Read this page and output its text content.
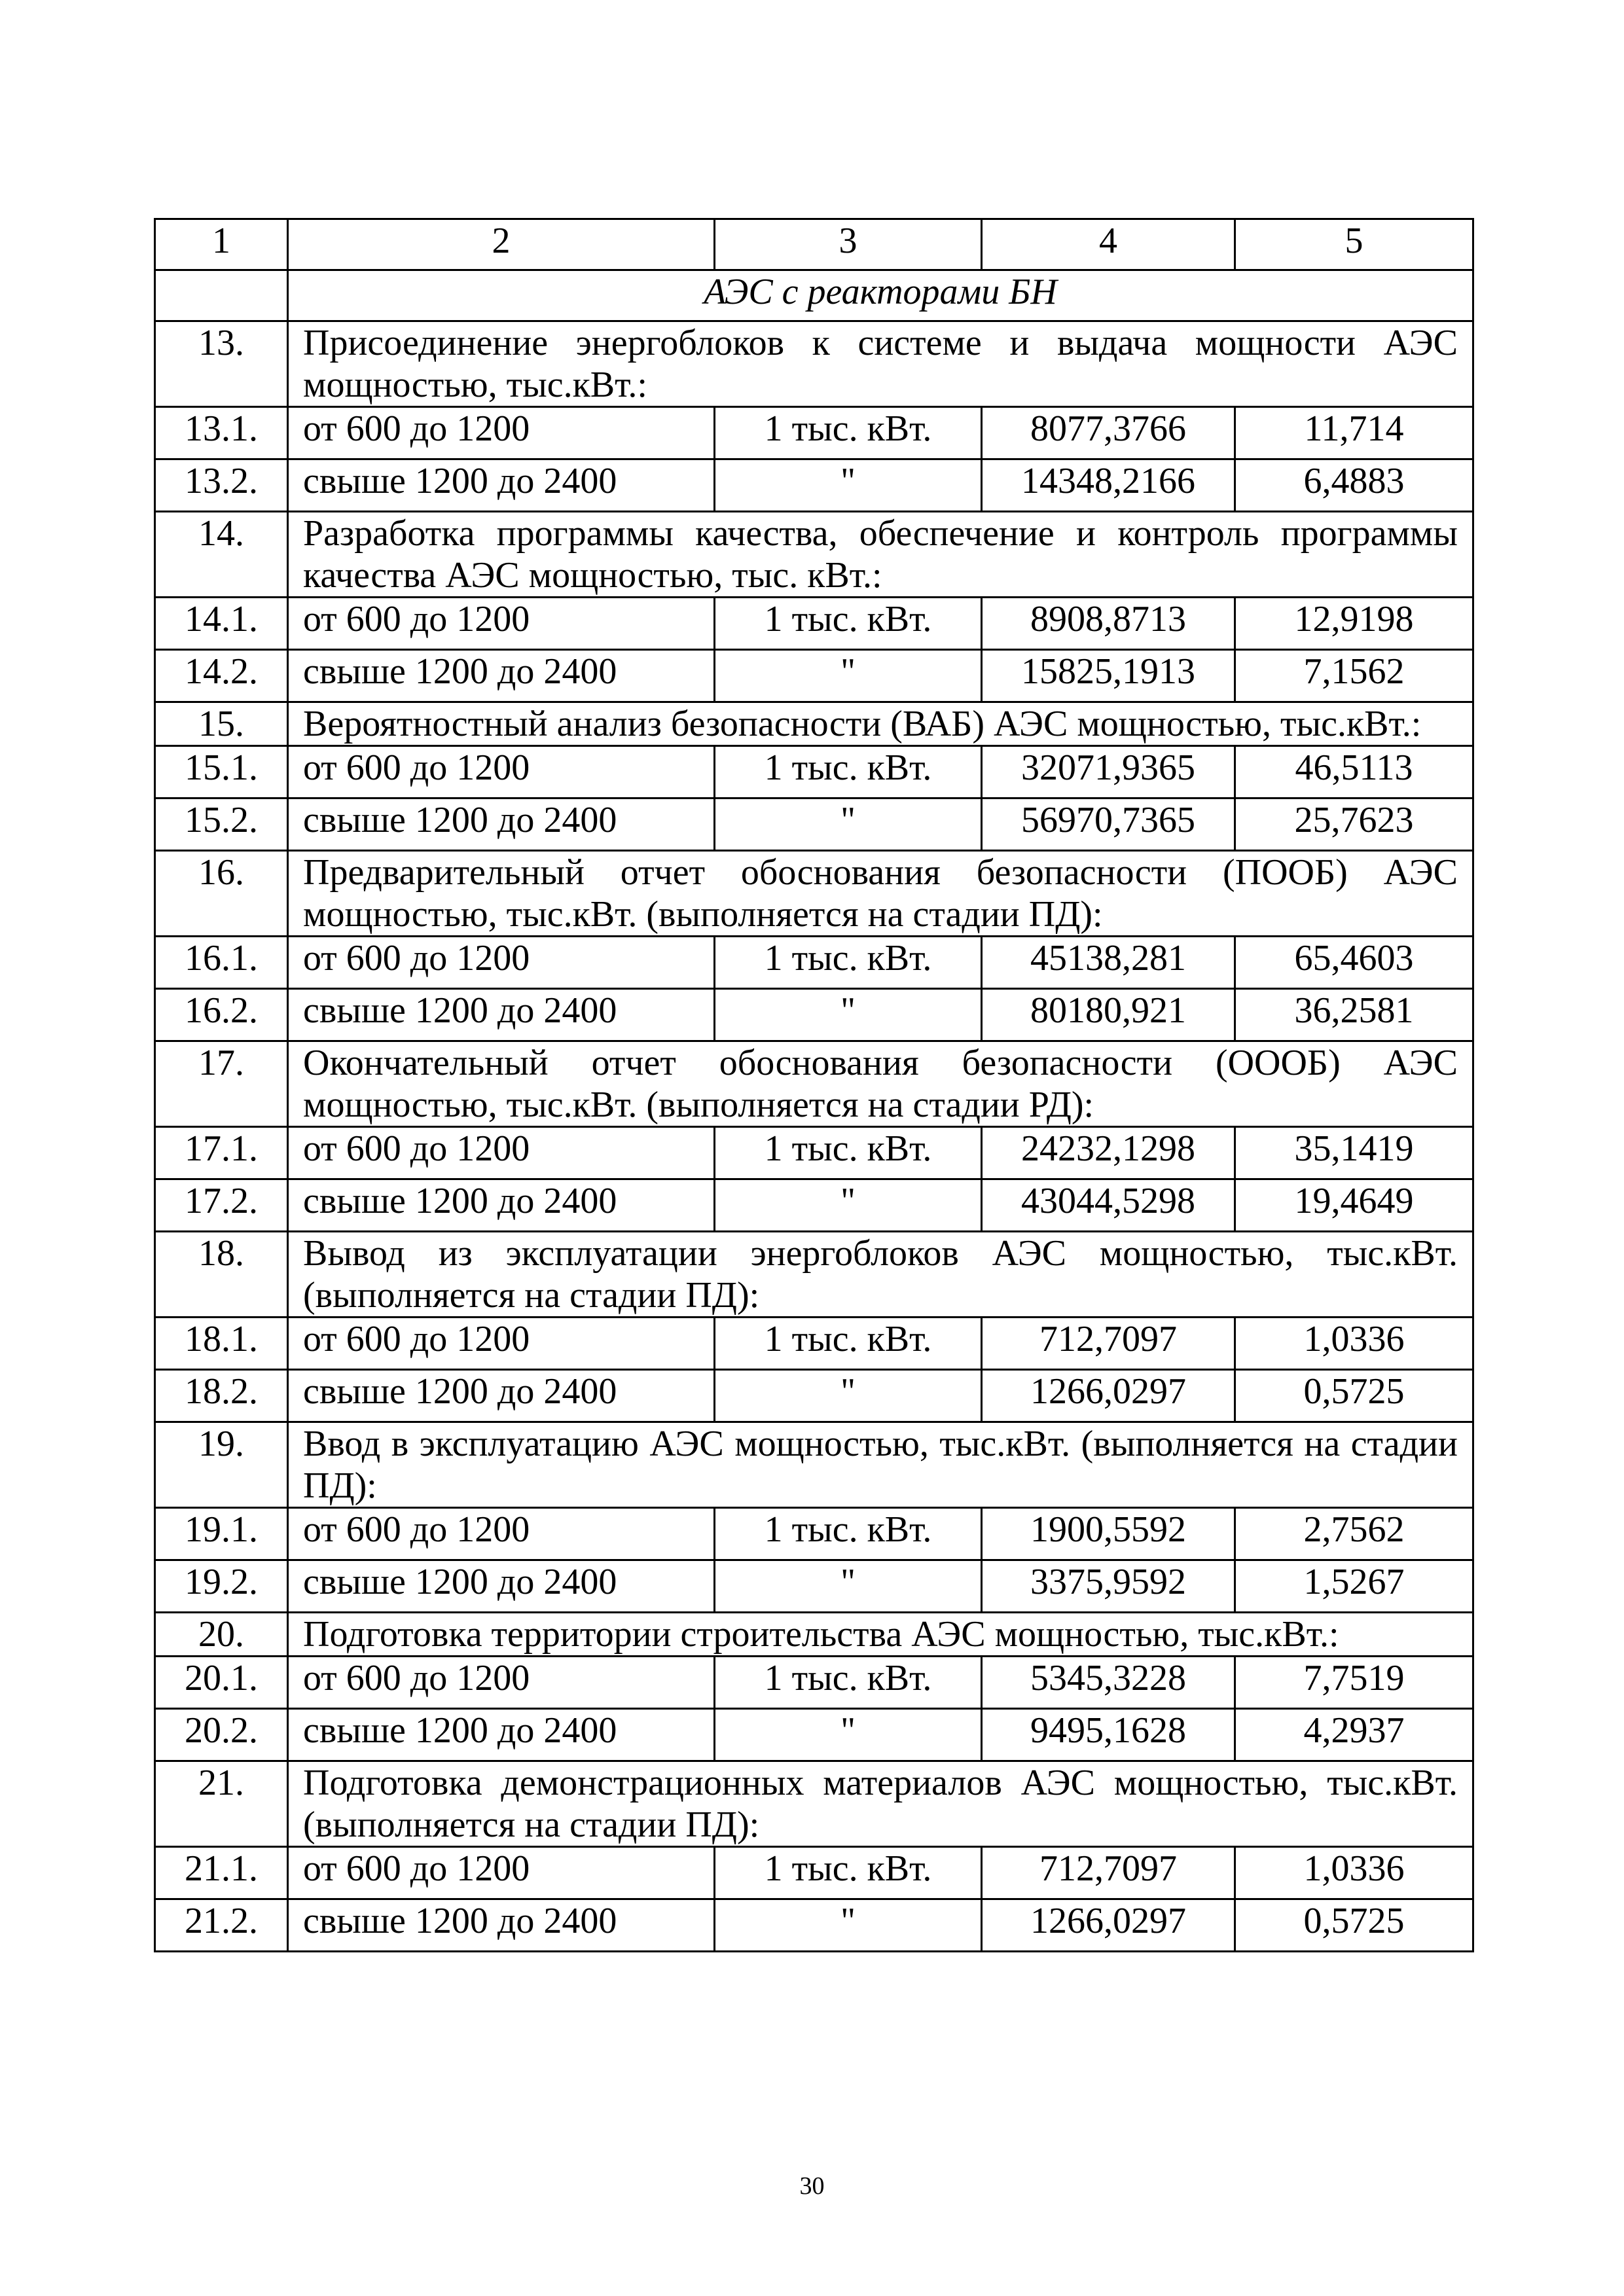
1	2	3	4	5
	АЭС с реакторами БН			
13.	Присоединение энергоблоков к системе и выдача мощности АЭС мощностью, тыс.кВт.:			
13.1.	от 600 до 1200	1 тыс. кВт.	8077,3766	11,714
13.2.	свыше 1200 до 2400	"	14348,2166	6,4883
14.	Разработка программы качества, обеспечение и контроль программы качества АЭС мощностью, тыс. кВт.:			
14.1.	от 600 до 1200	1 тыс. кВт.	8908,8713	12,9198
14.2.	свыше 1200 до 2400	"	15825,1913	7,1562
15.	Вероятностный анализ безопасности (ВАБ) АЭС мощностью, тыс.кВт.:			
15.1.	от 600 до 1200	1 тыс. кВт.	32071,9365	46,5113
15.2.	свыше 1200 до 2400	"	56970,7365	25,7623
16.	Предварительный отчет обоснования безопасности (ПООБ) АЭС мощностью, тыс.кВт. (выполняется на стадии ПД):			
16.1.	от 600 до 1200	1 тыс. кВт.	45138,281	65,4603
16.2.	свыше 1200 до 2400	"	80180,921	36,2581
17.	Окончательный отчет обоснования безопасности (ОООБ) АЭС мощностью, тыс.кВт. (выполняется на стадии РД):			
17.1.	от 600 до 1200	1 тыс. кВт.	24232,1298	35,1419
17.2.	свыше 1200 до 2400	"	43044,5298	19,4649
18.	Вывод из эксплуатации энергоблоков АЭС мощностью, тыс.кВт. (выполняется на стадии ПД):			
18.1.	от 600 до 1200	1 тыс. кВт.	712,7097	1,0336
18.2.	свыше 1200 до 2400	"	1266,0297	0,5725
19.	Ввод в эксплуатацию АЭС мощностью, тыс.кВт. (выполняется на стадии ПД):			
19.1.	от 600 до 1200	1 тыс. кВт.	1900,5592	2,7562
19.2.	свыше 1200 до 2400	"	3375,9592	1,5267
20.	Подготовка территории строительства АЭС мощностью, тыс.кВт.:			
20.1.	от 600 до 1200	1 тыс. кВт.	5345,3228	7,7519
20.2.	свыше 1200 до 2400	"	9495,1628	4,2937
21.	Подготовка демонстрационных материалов АЭС мощностью, тыс.кВт. (выполняется на стадии ПД):			
21.1.	от 600 до 1200	1 тыс. кВт.	712,7097	1,0336
21.2.	свыше 1200 до 2400	"	1266,0297	0,5725
30
